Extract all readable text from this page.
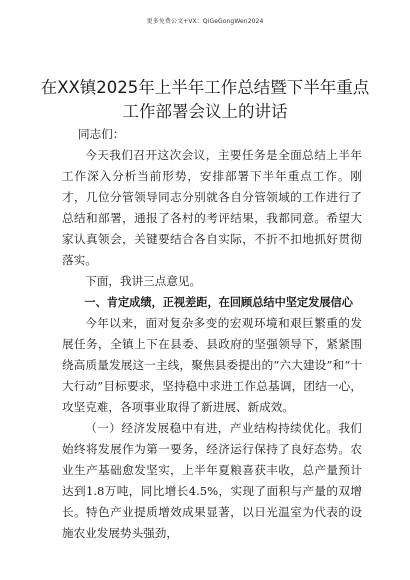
更多免费公文+VX：QiGeGongWen2024
在XX镇2025年上半年工作总结暨下半年重点工作部署会议上的讲话

同志们：

今天我们召开这次会议，主要任务是全面总结上半年工作深入分析当前形势，安排部署下半年重点工作。刚才，几位分管领导同志分别就各自分管领域的工作进行了总结和部署，通报了各村的考评结果，我都同意。希望大家认真领会，关键要结合各自实际，不折不扣地抓好贯彻落实。

下面，我讲三点意见。

一、肯定成绩，正视差距，在回顾总结中坚定发展信心

今年以来，面对复杂多变的宏观环境和艰巨繁重的发展任务，全镇上下在县委、县政府的坚强领导下，紧紧围绕高质量发展这一主线，聚焦县委提出的“六大建设”和“十大行动”目标要求，坚持稳中求进工作总基调，团结一心，攻坚克难，各项事业取得了新进展、新成效。

（一）经济发展稳中有进，产业结构持续优化。我们始终将发展作为第一要务，经济运行保持了良好态势。农业生产基础愈发坚实，上半年夏粮喜获丰收，总产量预计达到1.8万吨，同比增长4.5%，实现了面积与产量的双增长。特色产业提质增效成果显著，以日光温室为代表的设施农业发展势头强劲，
